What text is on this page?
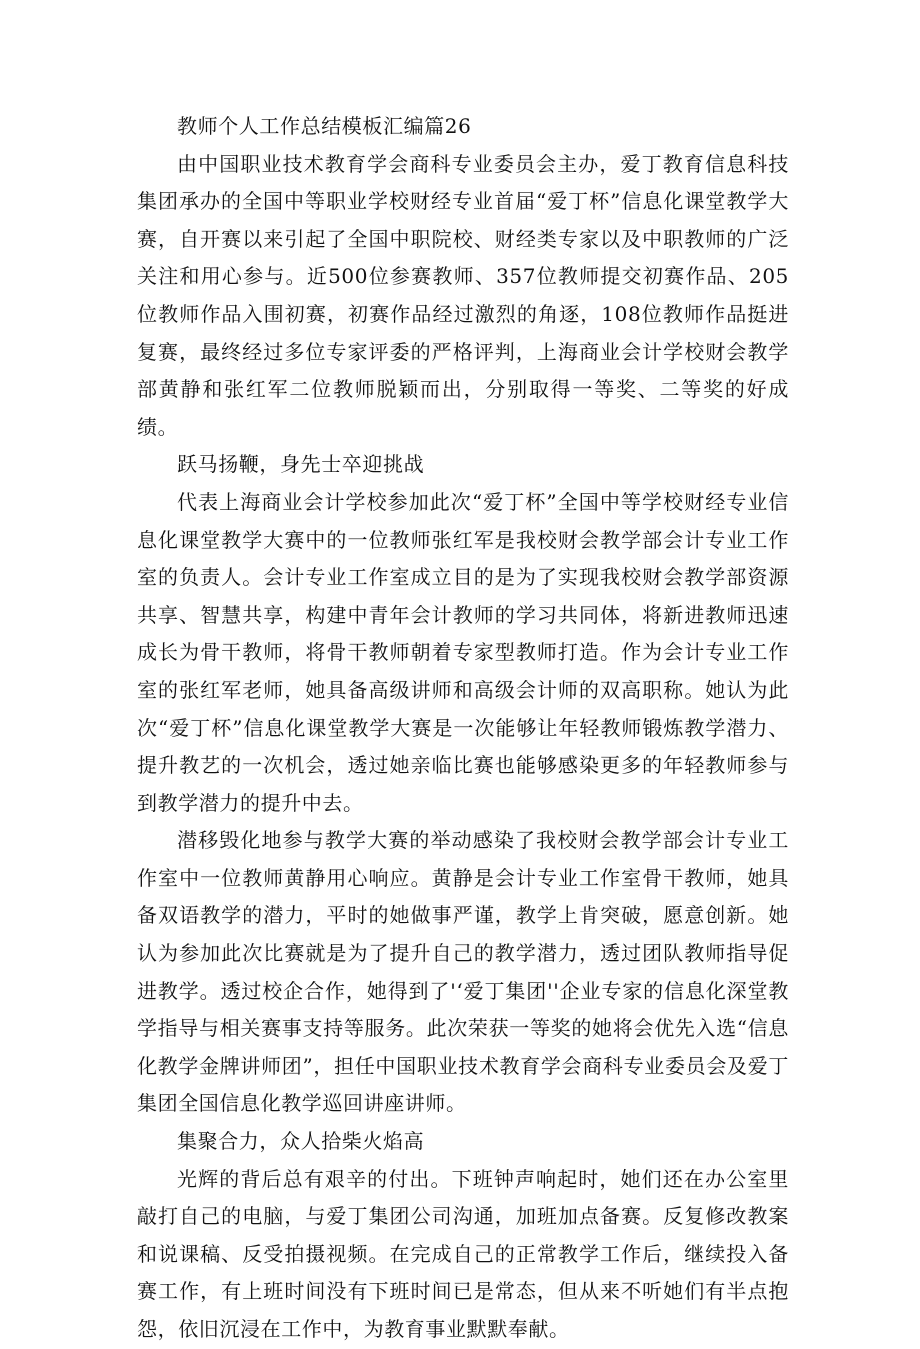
教师个人工作总结模板汇编篇26

由中国职业技术教育学会商科专业委员会主办，爱丁教育信息科技集团承办的全国中等职业学校财经专业首届“爱丁杯”信息化课堂教学大赛，自开赛以来引起了全国中职院校、财经类专家以及中职教师的广泛关注和用心参与。近500位参赛教师、357位教师提交初赛作品、205位教师作品入围初赛，初赛作品经过激烈的角逐，108位教师作品挺进复赛，最终经过多位专家评委的严格评判，上海商业会计学校财会教学部黄静和张红军二位教师脱颖而出，分别取得一等奖、二等奖的好成绩。

跃马扬鞭，身先士卒迎挑战

代表上海商业会计学校参加此次“爱丁杯”全国中等学校财经专业信息化课堂教学大赛中的一位教师张红军是我校财会教学部会计专业工作室的负责人。会计专业工作室成立目的是为了实现我校财会教学部资源共享、智慧共享，构建中青年会计教师的学习共同体，将新进教师迅速成长为骨干教师，将骨干教师朝着专家型教师打造。作为会计专业工作室的张红军老师，她具备高级讲师和高级会计师的双高职称。她认为此次“爱丁杯”信息化课堂教学大赛是一次能够让年轻教师锻炼教学潜力、提升教艺的一次机会，透过她亲临比赛也能够感染更多的年轻教师参与到教学潜力的提升中去。

潜移毁化地参与教学大赛的举动感染了我校财会教学部会计专业工作室中一位教师黄静用心响应。黄静是会计专业工作室骨干教师，她具备双语教学的潜力，平时的她做事严谨，教学上肯突破，愿意创新。她认为参加此次比赛就是为了提升自己的教学潜力，透过团队教师指导促进教学。透过校企合作，她得到了'‘爱丁集团''企业专家的信息化深堂教学指导与相关赛事支持等服务。此次荣获一等奖的她将会优先入选“信息化教学金牌讲师团”，担任中国职业技术教育学会商科专业委员会及爱丁集团全国信息化教学巡回讲座讲师。

集聚合力，众人拾柴火焰高

光辉的背后总有艰辛的付出。下班钟声响起时，她们还在办公室里敲打自己的电脑，与爱丁集团公司沟通，加班加点备赛。反复修改教案和说课稿、反受拍摄视频。在完成自己的正常教学工作后，继续投入备赛工作，有上班时间没有下班时间已是常态，但从来不听她们有半点抱怨，依旧沉浸在工作中，为教育事业默默奉献。
